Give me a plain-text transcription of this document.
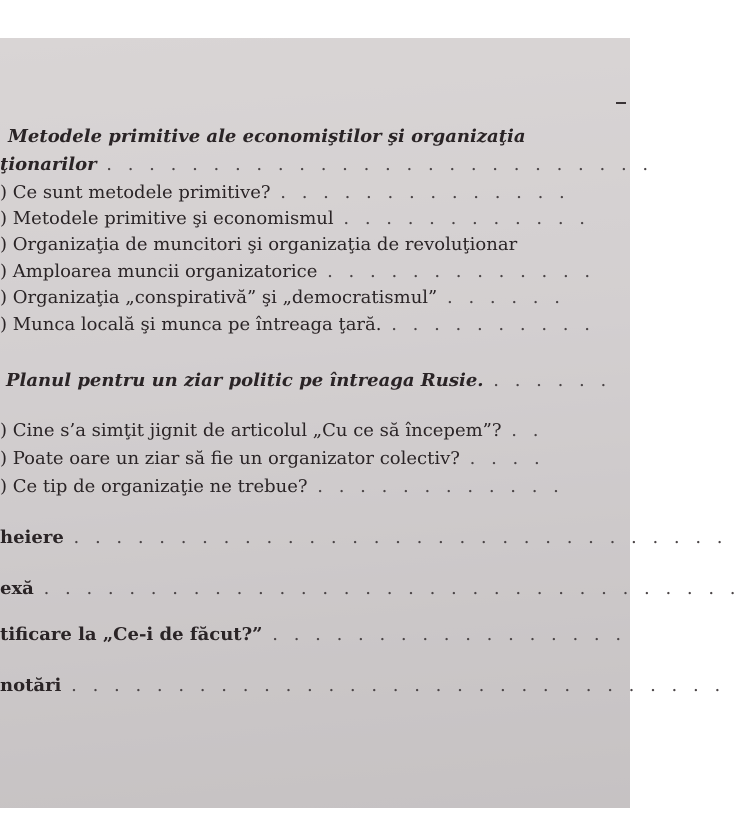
Metodele primitive ale economiştilor şi organizaţia
ţionarilor . . . . . . . . . . . . . . . . . . . . . . . . . .
) Ce sunt metodele primitive? . . . . . . . . . . . . . .
) Metodele primitive şi economismul . . . . . . . . . . . .
) Organizaţia de muncitori şi organizaţia de revoluţionar
) Amploarea muncii organizatorice . . . . . . . . . . . . .
) Organizaţia „conspirativă” şi „democratismul” . . . . . .
) Munca locală şi munca pe întreaga ţară. . . . . . . . . . .
Planul pentru un ziar politic pe întreaga Rusie. . . . . . .
) Cine s’a simţit jignit de articolul „Cu ce să începem”? . .
) Poate oare un ziar să fie un organizator colectiv? . . . .
) Ce tip de organizaţie ne trebue? . . . . . . . . . . . .
heiere . . . . . . . . . . . . . . . . . . . . . . . . . . . . . . .
exă . . . . . . . . . . . . . . . . . . . . . . . . . . . . . . . . .
tificare la „Ce-i de făcut?” . . . . . . . . . . . . . . . . .
notări . . . . . . . . . . . . . . . . . . . . . . . . . . . . . . .
